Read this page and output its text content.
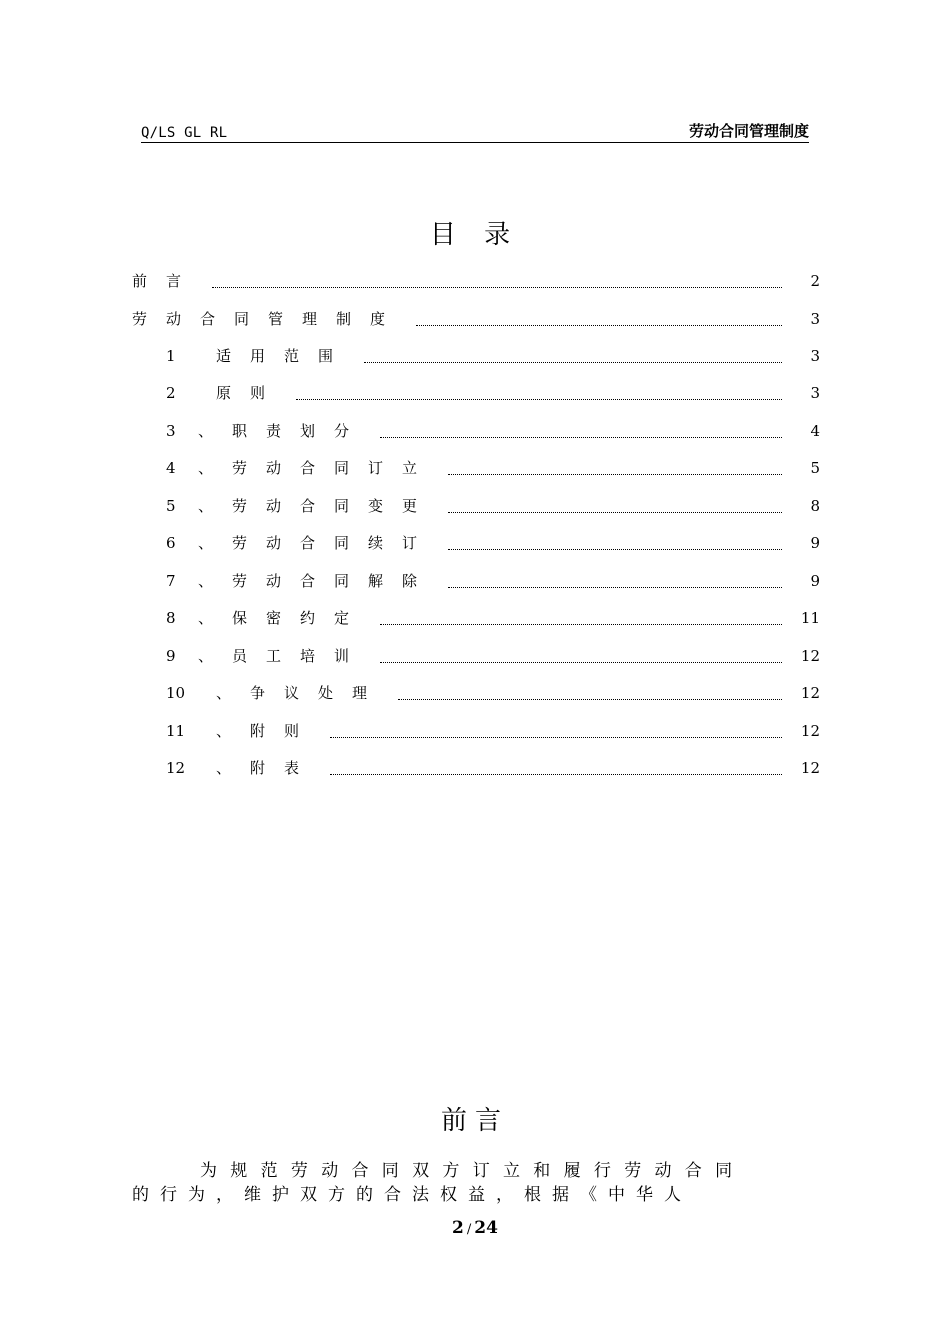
Q/LS GL RL	劳动合同管理制度
目 录
前言	2
劳动合同管理制度	3
1	适用范围	3
2	原则	3
3 、职责划分	4
4 、劳动合同订立	5
5 、劳动合同变更	8
6 、劳动合同续订	9
7 、劳动合同解除	9
8 、保密约定	11
9 、员工培训	12
10 、争议处理	12
11 、附则	12
12 、附表	12
前言
为规范劳动合同双方订立和履行劳动合同
的行为，维护双方的合法权益，根据《中华人
2 / 24
